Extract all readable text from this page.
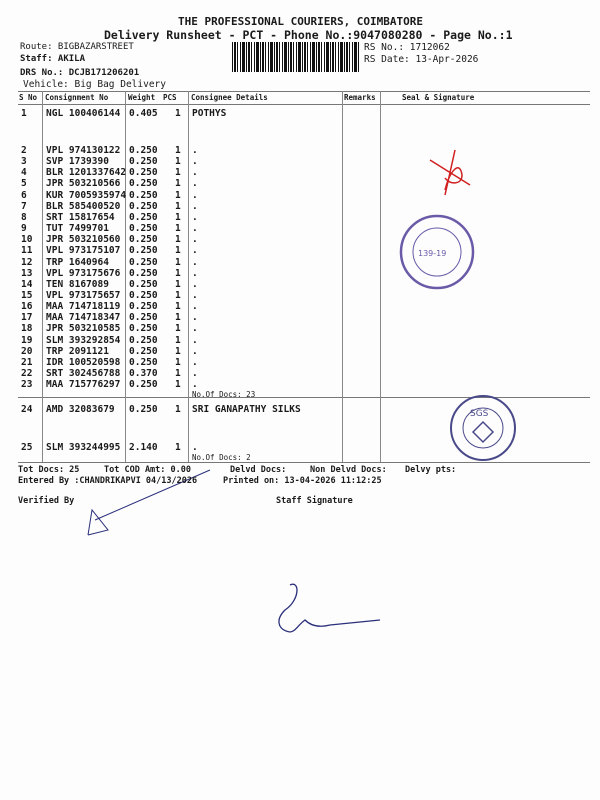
THE PROFESSIONAL COURIERS, COIMBATORE
Delivery Runsheet - PCT - Phone No.:9047080280 - Page No.:1
Route: BIGBAZARSTREET
Staff: AKILA
DRS No.: DCJB171206201
Vehicle: Big Bag Delivery
RS No.: 1712062
RS Date: 13-Apr-2026
S No Consignment No	Weight PCS Consignee Details	Remarks	Seal & Signature
1 NGL 100406144 0.405 1 POTHYS
2 VPL 974130122 0.250 1 .
3 SVP 1739390 0.250 1 .
4 BLR 1201337642 0.250 1 .
5 JPR 503210566 0.250 1 .
6 KUR 7005935974 0.250 1 .
7 BLR 585400520 0.250 1 .
8 SRT 15817654 0.250 1 .
9 TUT 7499701 0.250 1 .
10 JPR 503210560 0.250 1 .
11 VPL 973175107 0.250 1 .
12 TRP 1640964 0.250 1 .
13 VPL 973175676 0.250 1 .
14 TEN 8167089 0.250 1 .
15 VPL 973175657 0.250 1 .
16 MAA 714718119 0.250 1 .
17 MAA 714718347 0.250 1 .
18 JPR 503210585 0.250 1 .
19 SLM 393292854 0.250 1 .
20 TRP 2091121 0.250 1 .
21 IDR 100520598 0.250 1 .
22 SRT 302456788 0.370 1 .
23 MAA 715776297 0.250 1 .
24 AMD 32083679 0.250 1 SRI GANAPATHY SILKS
25 SLM 393244995 2.140 1 .
No.Of Docs: 23
No.Of Docs: 2
139-19
SGS
Tot Docs: 25	Tot COD Amt: 0.00	Delvd Docs:	Non Delvd Docs: Delvy pts:
Entered By :CHANDRIKAPVI 04/13/2026	Printed on: 13-04-2026 11:12:25
Verified By	Staff Signature
